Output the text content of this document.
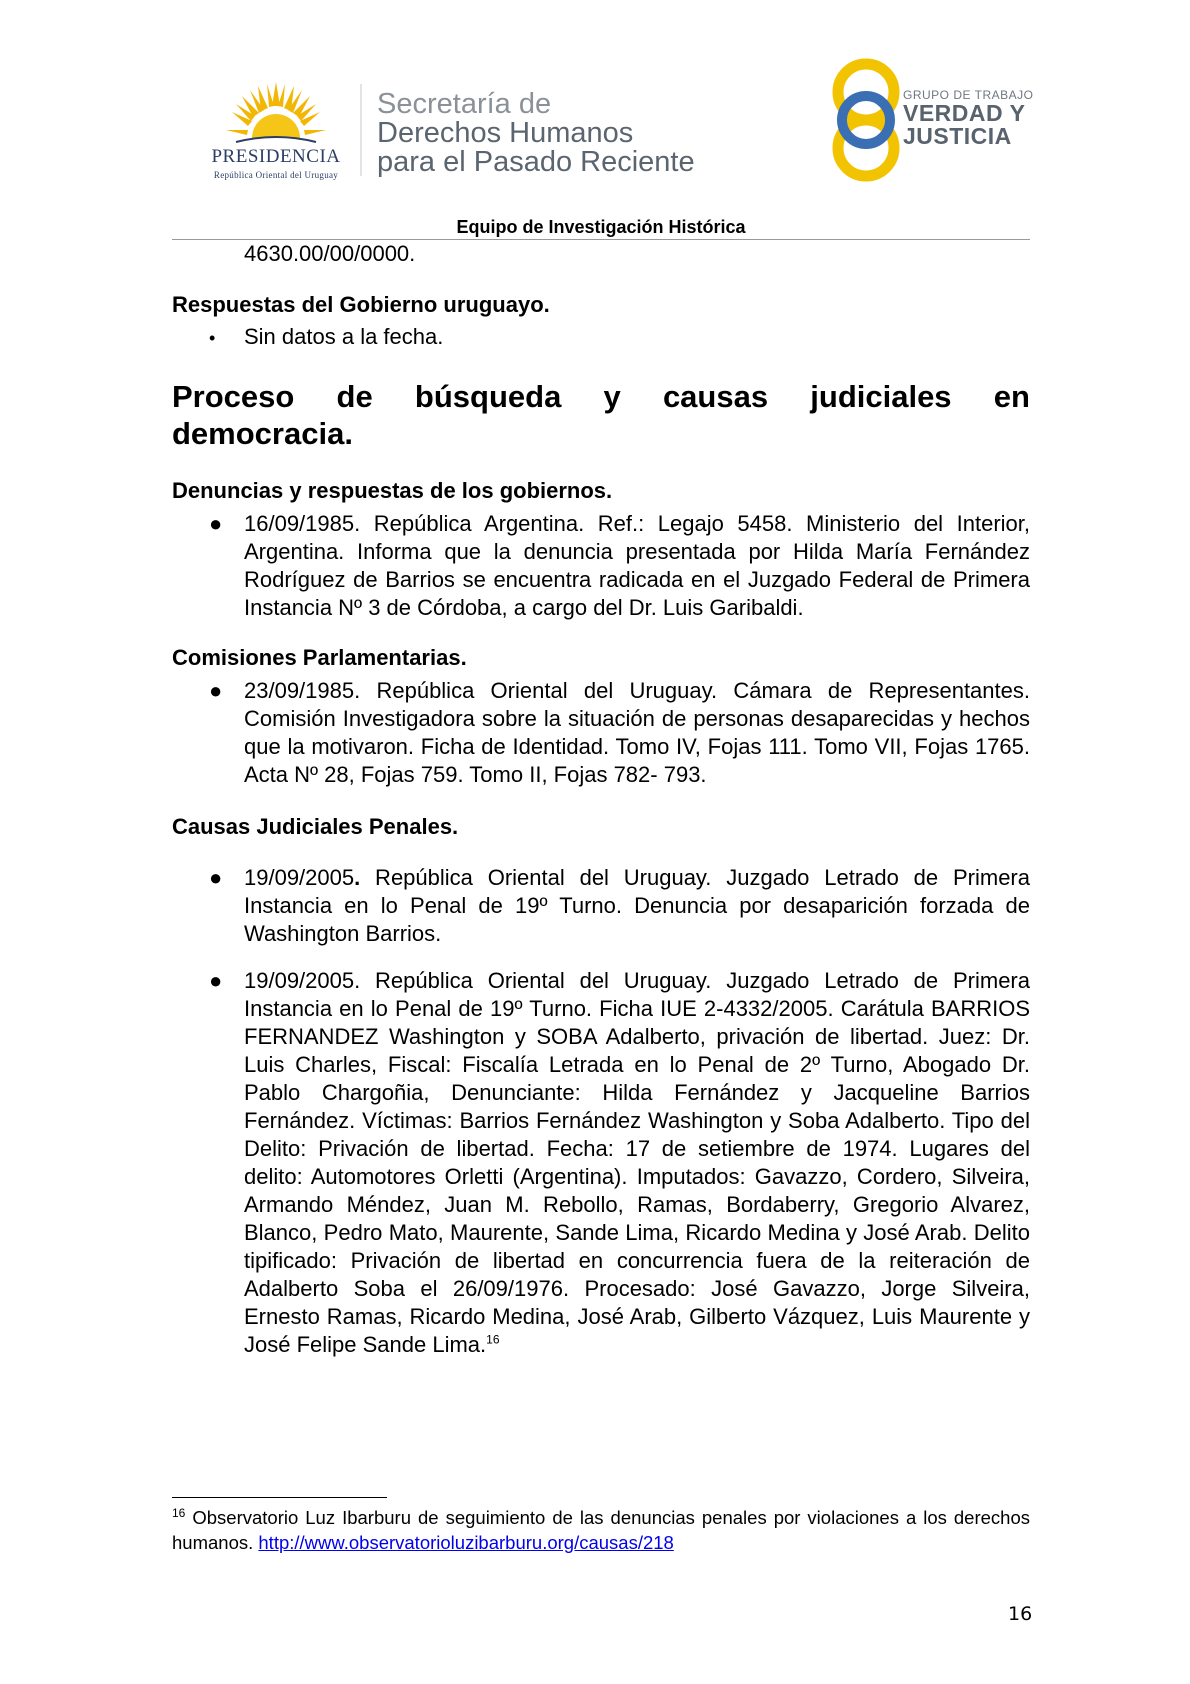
PRESIDENCIA
República Oriental del Uruguay
Secretaría de
Derechos Humanos
para el Pasado Reciente
GRUPO DE TRABAJO
VERDAD Y
JUSTICIA
Equipo de Investigación Histórica

4630.00/00/0000.

Respuestas del Gobierno uruguayo.

• Sin datos a la fecha.

Proceso de búsqueda y causas judiciales en
democracia.

Denuncias y respuestas de los gobiernos.

● 16/09/1985. República Argentina. Ref.: Legajo 5458. Ministerio del Interior, Argentina. Informa que la denuncia presentada por Hilda María Fernández Rodríguez de Barrios se encuentra radicada en el Juzgado Federal de Primera Instancia Nº 3 de Córdoba, a cargo del Dr. Luis Garibaldi.

Comisiones Parlamentarias.

● 23/09/1985. República Oriental del Uruguay. Cámara de Representantes. Comisión Investigadora sobre la situación de personas desaparecidas y hechos que la motivaron. Ficha de Identidad. Tomo IV, Fojas 111. Tomo VII, Fojas 1765. Acta Nº 28, Fojas 759. Tomo II, Fojas 782- 793.

Causas Judiciales Penales.

● 19/09/2005. República Oriental del Uruguay. Juzgado Letrado de Primera Instancia en lo Penal de 19º Turno. Denuncia por desaparición forzada de Washington Barrios.

● 19/09/2005. República Oriental del Uruguay. Juzgado Letrado de Primera Instancia en lo Penal de 19º Turno. Ficha IUE 2-4332/2005. Carátula BARRIOS FERNANDEZ Washington y SOBA Adalberto, privación de libertad. Juez: Dr. Luis Charles, Fiscal: Fiscalía Letrada en lo Penal de 2º Turno, Abogado Dr. Pablo Chargoñia, Denunciante: Hilda Fernández y Jacqueline Barrios Fernández. Víctimas: Barrios Fernández Washington y Soba Adalberto. Tipo del Delito: Privación de libertad. Fecha: 17 de setiembre de 1974. Lugares del delito: Automotores Orletti (Argentina). Imputados: Gavazzo, Cordero, Silveira, Armando Méndez, Juan M. Rebollo, Ramas, Bordaberry, Gregorio Alvarez, Blanco, Pedro Mato, Maurente, Sande Lima, Ricardo Medina y José Arab. Delito tipificado: Privación de libertad en concurrencia fuera de la reiteración de Adalberto Soba el 26/09/1976. Procesado: José Gavazzo, Jorge Silveira, Ernesto Ramas, Ricardo Medina, José Arab, Gilberto Vázquez, Luis Maurente y José Felipe Sande Lima.$^{16}$

$^{16}$ Observatorio Luz Ibarburu de seguimiento de las denuncias penales por violaciones a los derechos humanos. http://www.observatorioluzibarburu.org/causas/218
16
